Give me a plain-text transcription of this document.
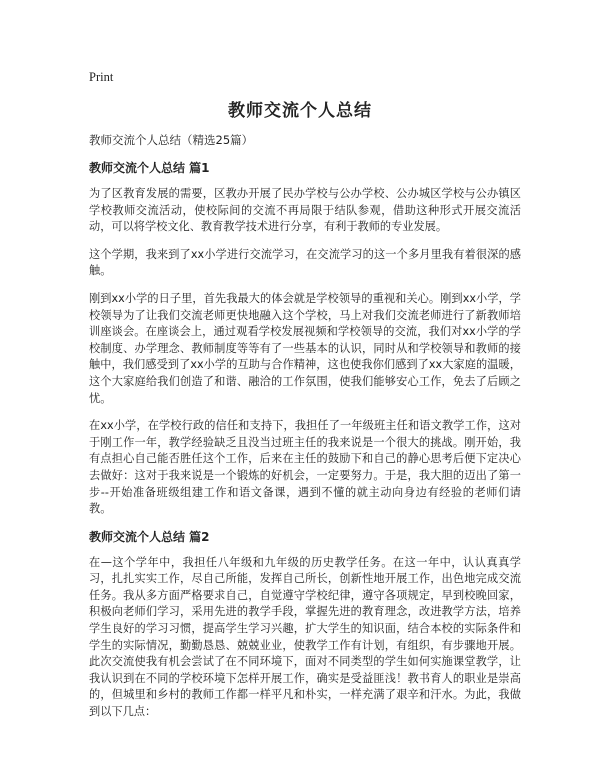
Print
教师交流个人总结

教师交流个人总结（精选25篇）

教师交流个人总结 篇1

为了区教育发展的需要，区教办开展了民办学校与公办学校、公办城区学校与公办镇区学校教师交流活动，使校际间的交流不再局限于结队参观，借助这种形式开展交流活动，可以将学校文化、教育教学技术进行分享，有利于教师的专业发展。

这个学期，我来到了xx小学进行交流学习，在交流学习的这一个多月里我有着很深的感触。

刚到xx小学的日子里，首先我最大的体会就是学校领导的重视和关心。刚到xx小学，学校领导为了让我们交流老师更快地融入这个学校，马上对我们交流老师进行了新教师培训座谈会。在座谈会上，通过观看学校发展视频和学校领导的交流，我们对xx小学的学校制度、办学理念、教师制度等等有了一些基本的认识，同时从和学校领导和教师的接触中，我们感受到了xx小学的互助与合作精神，这也使我你们感到了xx大家庭的温暖，这个大家庭给我们创造了和谐、融洽的工作氛围，使我们能够安心工作，免去了后顾之忧。

在xx小学，在学校行政的信任和支持下，我担任了一年级班主任和语文教学工作，这对于刚工作一年，教学经验缺乏且没当过班主任的我来说是一个很大的挑战。刚开始，我有点担心自己能否胜任这个工作，后来在主任的鼓励下和自己的静心思考后便下定决心去做好：这对于我来说是一个锻炼的好机会，一定要努力。于是，我大胆的迈出了第一步--开始准备班级组建工作和语文备课，遇到不懂的就主动向身边有经验的老师们请教。

教师交流个人总结 篇2

在—这个学年中，我担任八年级和九年级的历史教学任务。在这一年中，认认真真学习，扎扎实实工作，尽自己所能，发挥自己所长，创新性地开展工作，出色地完成交流任务。我从多方面严格要求自己，自觉遵守学校纪律，遵守各项规定，早到校晚回家，积极向老师们学习，采用先进的教学手段，掌握先进的教育理念，改进教学方法，培养学生良好的学习习惯，提高学生学习兴趣，扩大学生的知识面，结合本校的实际条件和学生的实际情况，勤勤恳恳、兢兢业业，使教学工作有计划，有组织，有步骤地开展。此次交流使我有机会尝试了在不同环境下，面对不同类型的学生如何实施课堂教学，让我认识到在不同的学校环境下怎样开展工作，确实是受益匪浅！教书育人的职业是崇高的，但城里和乡村的教师工作都一样平凡和朴实，一样充满了艰辛和汗水。为此，我做到以下几点：
